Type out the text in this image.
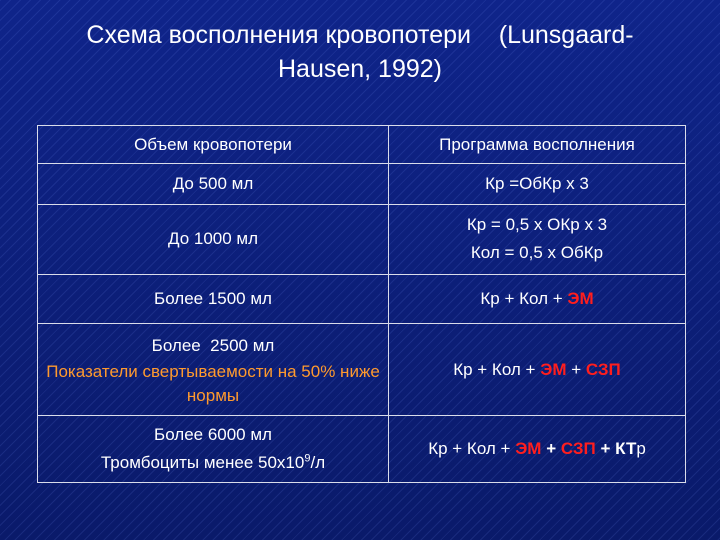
Схема восполнения кровопотери    (Lunsgaard-
Hausen, 1992)
Объем кровопотери	Программа восполнения
До 500 мл	Кр =ОбКр х 3
До 1000 мл	Кр = 0,5 х ОКр х 3
Кол = 0,5 х ОбКр

Более 1500 мл	Кр + Кол + ЭМ

Более  2500 мл
Показатели свертываемости на 50% ниже нормы	Кр + Кол + ЭМ + СЗП

Более 6000 мл
Тромбоциты менее $50х10^9/л$	Кр + Кол + ЭМ + СЗП + КТр
